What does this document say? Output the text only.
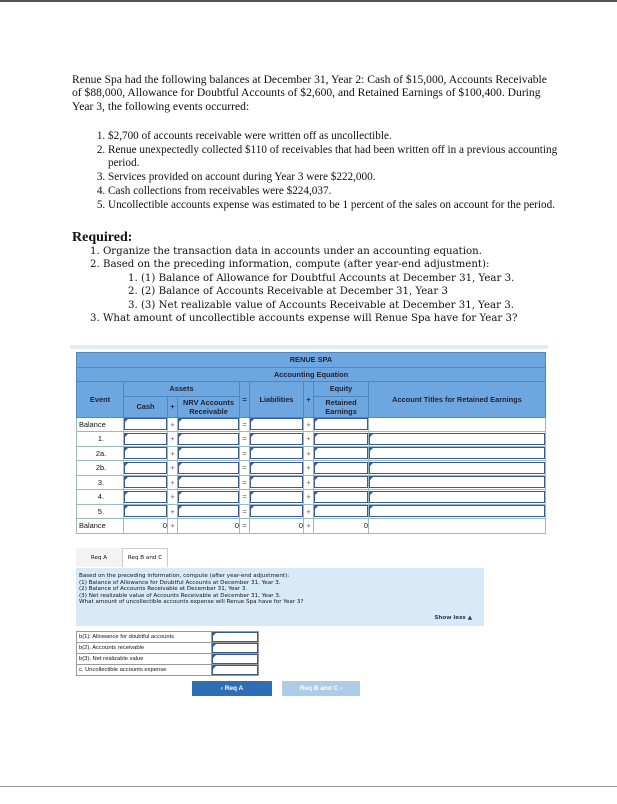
Renue Spa had the following balances at December 31, Year 2: Cash of $15,000, Accounts Receivable of $88,000, Allowance for Doubtful Accounts of $2,600, and Retained Earnings of $100,400. During Year 3, the following events occurred:
1. $2,700 of accounts receivable were written off as uncollectible.
2. Renue unexpectedly collected $110 of receivables that had been written off in a previous accounting period.
3. Services provided on account during Year 3 were $222,000.
4. Cash collections from receivables were $224,037.
5. Uncollectible accounts expense was estimated to be 1 percent of the sales on account for the period.
Required:
1. Organize the transaction data in accounts under an accounting equation.
2. Based on the preceding information, compute (after year-end adjustment):
1. (1) Balance of Allowance for Doubtful Accounts at December 31, Year 3.
2. (2) Balance of Accounts Receivable at December 31, Year 3
3. (3) Net realizable value of Accounts Receivable at December 31, Year 3.
3. What amount of uncollectible accounts expense will Renue Spa have for Year 3?
RENUE SPA								
Accounting Equation								
Event	Assets			=	Liabilities	+	Equity	Account Titles for Retained Earnings
	Cash	+	NRV Accounts Receivable				Retained Earnings	
Balance		+		=		+	

1.		+		=		+	

2a.		+		=		+	

2b.		+		=		+	

3.		+		=		+	

4.		+		=		+	

5.		+		=		+	

Balance	0	+	0	=	0	+	0	
Req A	Req B and C
Based on the preceding information, compute (after year-end adjustment):
(1) Balance of Allowance for Doubtful Accounts at December 31, Year 3.
(2) Balance of Accounts Receivable at December 31, Year 3.
(3) Net realizable value of Accounts Receivable at December 31, Year 3.
What amount of uncollectible accounts expense will Renue Spa have for Year 3?
Show less ▲
b(1). Allowance for doubtful accounts	

b(2). Accounts receivable	

b(3). Net realizable value	

c. Uncollectible accounts expense	
‹ Req A	Req B and C ›
